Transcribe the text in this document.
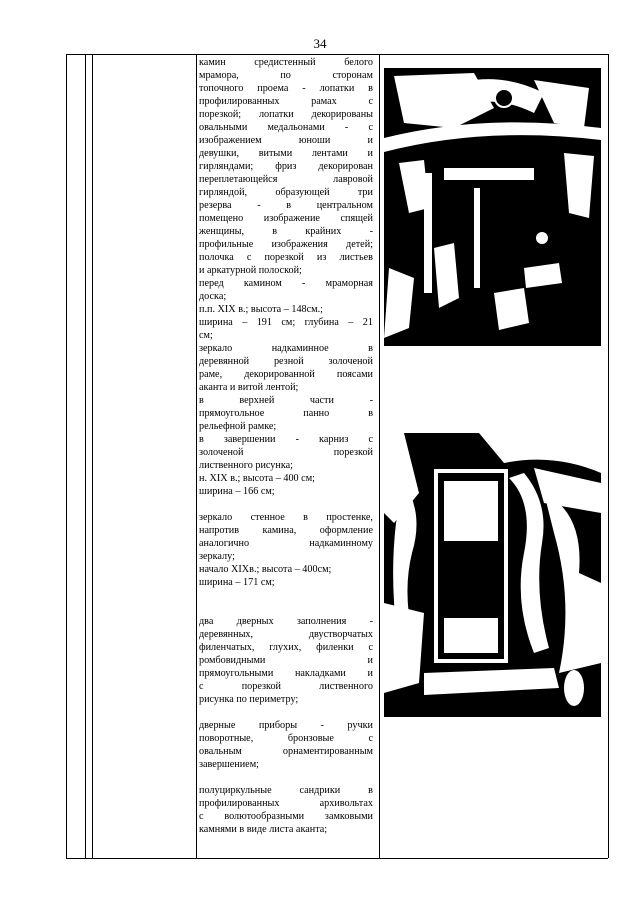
34
камин	средистенный	белого
мрамора,	по	сторонам
топочного проема - лопатки в
профилированных	рамах	с
порезкой; лопатки декорированы
овальными медальонами - с
изображением	юноши	и
девушки, витыми лентами и
гирляндами; фриз декорирован
переплетающейся	лавровой
гирляндой,	образующей	три
резерва	-	в	центральном
помещено изображение спящей
женщины,	в	крайних	-
профильные изображения детей;
полочка с порезкой из листьев
и аркатурной полоской;
перед камином - мраморная
доска;
п.п. XIX в.; высота – 148см.;
ширина – 191 см; глубина – 21
см;
зеркало	надкаминное	в
деревянной резной золоченой
раме, декорированной поясами
аканта и витой лентой;
в	верхней	части	-
прямоугольное	панно	в
рельефной рамке;
в завершении - карниз с
золоченой	порезкой
лиственного рисунка;
н. XIX в.; высота – 400 см;
ширина – 166 см;
зеркало стенное в простенке,
напротив камина, оформление
аналогично	надкаминному
зеркалу;
начало XIXв.; высота – 400см;
ширина – 171 см;
два дверных заполнения -
деревянных,	двустворчатых
филенчатых, глухих, филенки с
ромбовидными	и
прямоугольными накладками и
с	порезкой	лиственного
рисунка по периметру;
дверные приборы - ручки
поворотные,	бронзовые	с
овальным	орнаментированным
завершением;
полуциркульные	сандрики	в
профилированных	архивольтах
с волютообразными замковыми
камнями в виде листа аканта;
